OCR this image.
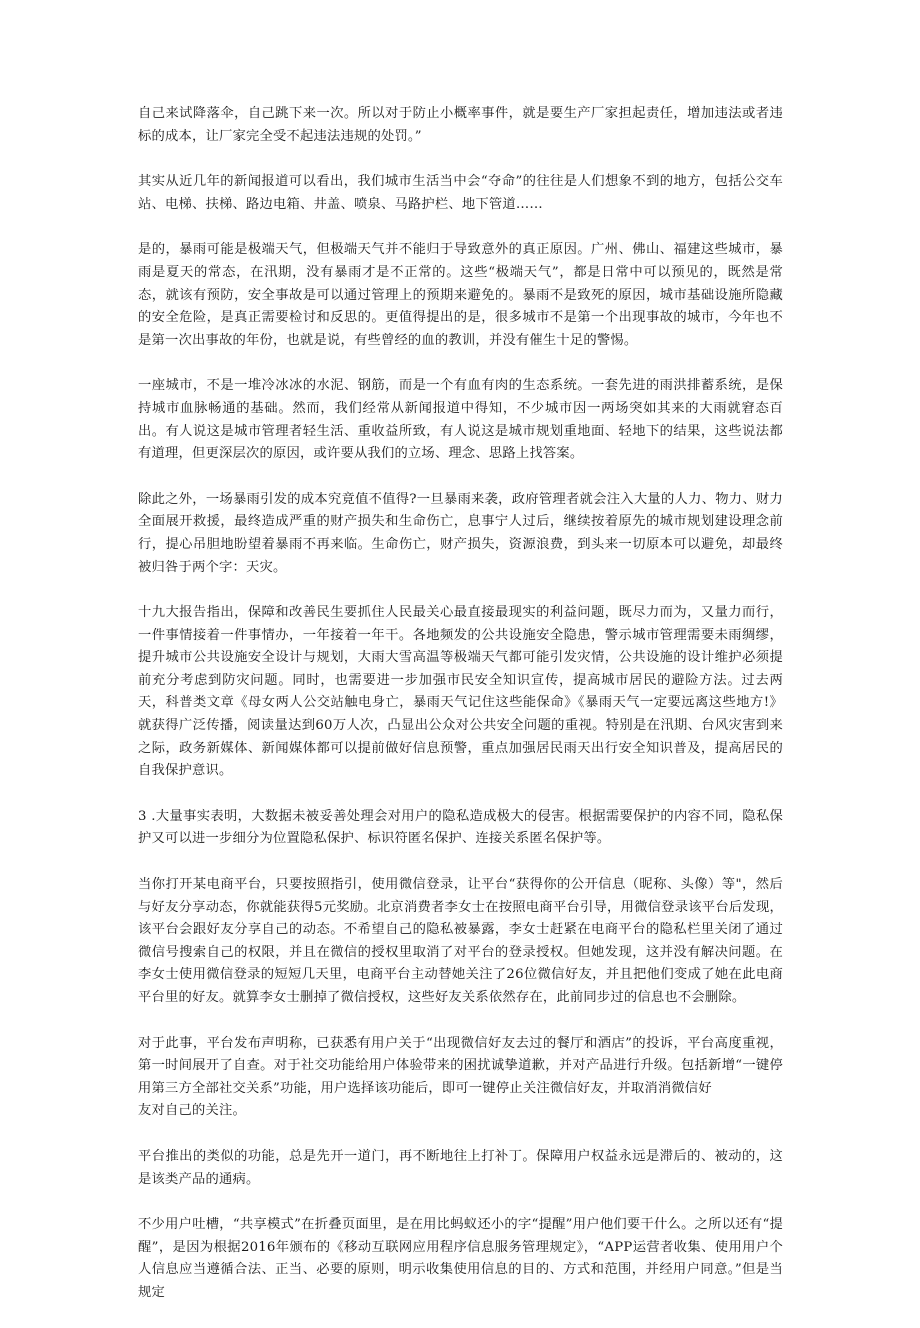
自己来试降落伞，自己跳下来一次。所以对于防止小概率事件，就是要生产厂家担起责任，增加违法或者违标的成本，让厂家完全受不起违法违规的处罚。”

其实从近几年的新闻报道可以看出，我们城市生活当中会“夺命”的往往是人们想象不到的地方，包括公交车站、电梯、扶梯、路边电箱、井盖、喷泉、马路护栏、地下管道……

是的，暴雨可能是极端天气，但极端天气并不能归于导致意外的真正原因。广州、佛山、福建这些城市，暴雨是夏天的常态，在汛期，没有暴雨才是不正常的。这些“极端天气”，都是日常中可以预见的，既然是常态，就该有预防，安全事故是可以通过管理上的预期来避免的。暴雨不是致死的原因，城市基础设施所隐藏的安全危险，是真正需要检讨和反思的。更值得提出的是，很多城市不是第一个出现事故的城市，今年也不是第一次出事故的年份，也就是说，有些曾经的血的教训，并没有催生十足的警惕。

一座城市，不是一堆冷冰冰的水泥、钢筋，而是一个有血有肉的生态系统。一套先进的雨洪排蓄系统，是保持城市血脉畅通的基础。然而，我们经常从新闻报道中得知，不少城市因一两场突如其来的大雨就窘态百出。有人说这是城市管理者轻生活、重收益所致，有人说这是城市规划重地面、轻地下的结果，这些说法都有道理，但更深层次的原因，或许要从我们的立场、理念、思路上找答案。

除此之外，一场暴雨引发的成本究竟值不值得?一旦暴雨来袭，政府管理者就会注入大量的人力、物力、财力全面展开救援，最终造成严重的财产损失和生命伤亡，息事宁人过后，继续按着原先的城市规划建设理念前行，提心吊胆地盼望着暴雨不再来临。生命伤亡，财产损失，资源浪费，到头来一切原本可以避免，却最终被归咎于两个字：天灾。

十九大报告指出，保障和改善民生要抓住人民最关心最直接最现实的利益问题，既尽力而为，又量力而行，一件事情接着一件事情办，一年接着一年干。各地频发的公共设施安全隐患，警示城市管理需要未雨绸缪，提升城市公共设施安全设计与规划，大雨大雪高温等极端天气都可能引发灾情，公共设施的设计维护必须提前充分考虑到防灾问题。同时，也需要进一步加强市民安全知识宣传，提高城市居民的避险方法。过去两天，科普类文章《母女两人公交站触电身亡，暴雨天气记住这些能保命》《暴雨天气一定要远离这些地方!》就获得广泛传播，阅读量达到60万人次，凸显出公众对公共安全问题的重视。特别是在汛期、台风灾害到来之际，政务新媒体、新闻媒体都可以提前做好信息预警，重点加强居民雨天出行安全知识普及，提高居民的自我保护意识。

3 .大量事实表明，大数据未被妥善处理会对用户的隐私造成极大的侵害。根据需要保护的内容不同，隐私保护又可以进一步细分为位置隐私保护、标识符匿名保护、连接关系匿名保护等。

当你打开某电商平台，只要按照指引，使用微信登录，让平台“获得你的公开信息（昵称、头像）等"，然后与好友分享动态，你就能获得5元奖励。北京消费者李女士在按照电商平台引导，用微信登录该平台后发现，该平台会跟好友分享自己的动态。不希望自己的隐私被暴露，李女士赶紧在电商平台的隐私栏里关闭了通过微信号搜索自己的权限，并且在微信的授权里取消了对平台的登录授权。但她发现，这并没有解决问题。在李女士使用微信登录的短短几天里，电商平台主动替她关注了26位微信好友，并且把他们变成了她在此电商平台里的好友。就算李女士删掉了微信授权，这些好友关系依然存在，此前同步过的信息也不会删除。

对于此事，平台发布声明称，已获悉有用户关于“出现微信好友去过的餐厅和酒店”的投诉，平台高度重视，第一时间展开了自查。对于社交功能给用户体验带来的困扰诚挚道歉，并对产品进行升级。包括新增“一键停用第三方全部社交关系”功能，用户选择该功能后，即可一键停止关注微信好友，并取消消微信好
友对自己的关注。

平台推出的类似的功能，总是先开一道门，再不断地往上打补丁。保障用户权益永远是滞后的、被动的，这是该类产品的通病。

不少用户吐槽，“共享模式”在折叠页面里，是在用比蚂蚁还小的字“提醒”用户他们要干什么。之所以还有“提醒”，是因为根据2016年颁布的《移动互联网应用程序信息服务管理规定》，“APP运营者收集、使用用户个人信息应当遵循合法、正当、必要的原则，明示收集使用信息的目的、方式和范围，并经用户同意。”但是当规定
